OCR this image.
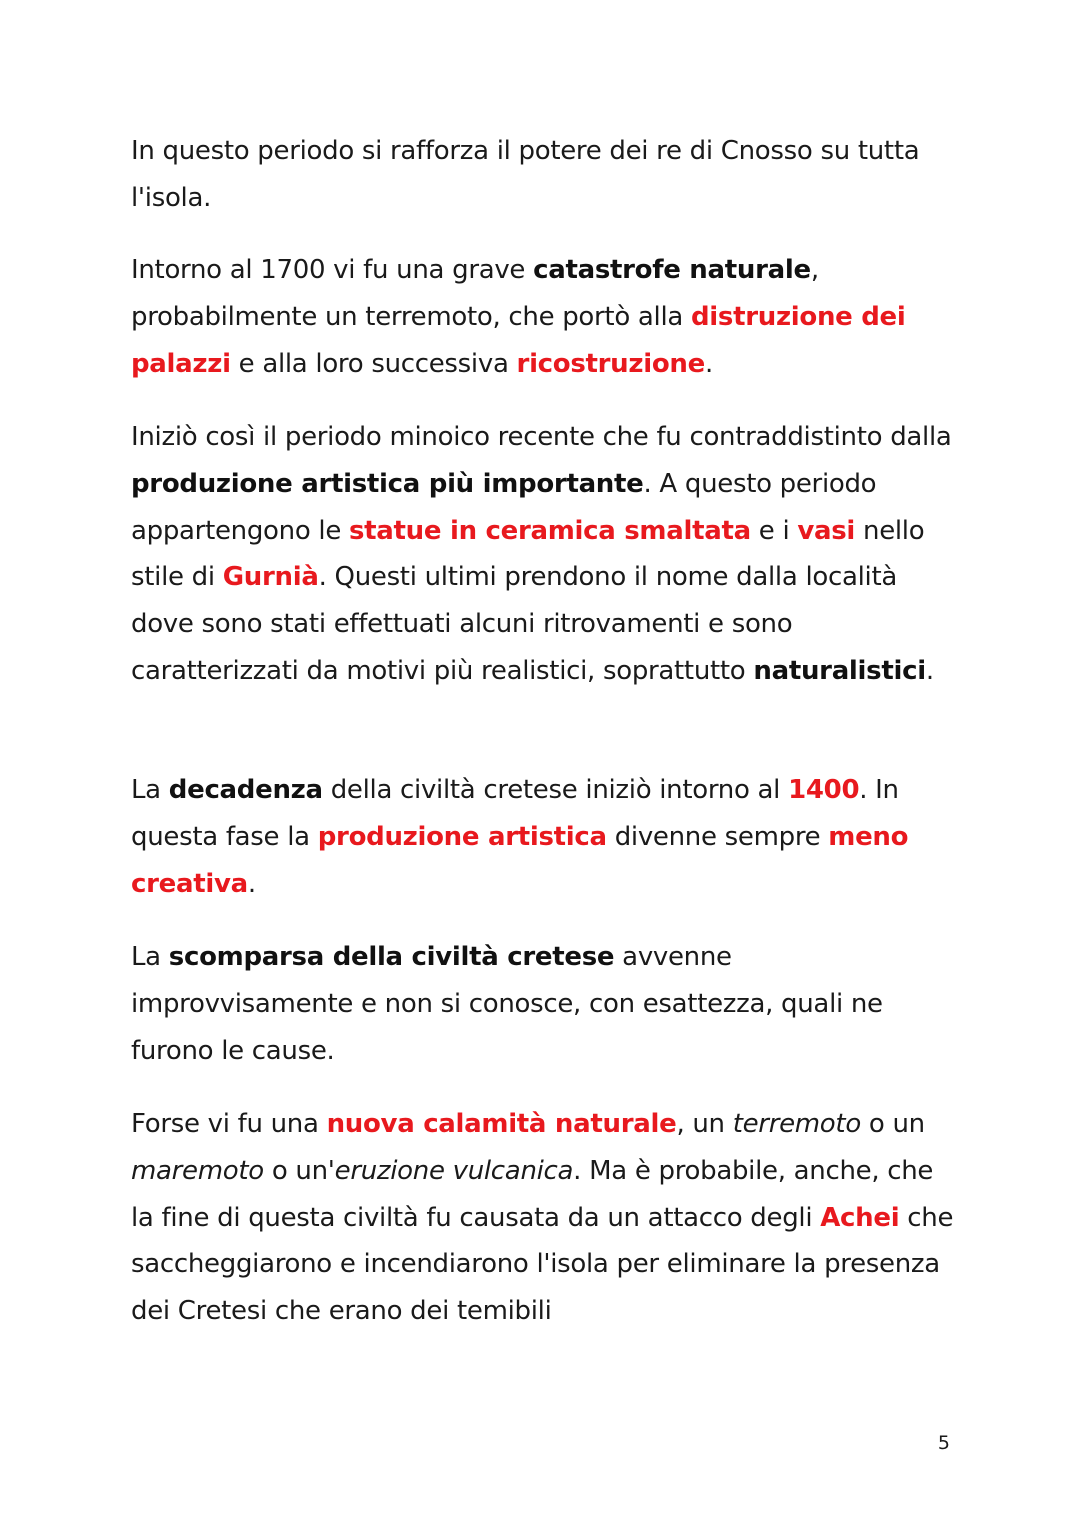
In questo periodo si rafforza il potere dei re di Cnosso su tutta l'isola.

Intorno al 1700 vi fu una grave catastrofe naturale, probabilmente un terremoto, che portò alla distruzione dei palazzi e alla loro successiva ricostruzione.

Iniziò così il periodo minoico recente che fu contraddistinto dalla produzione artistica più importante. A questo periodo appartengono le statue in ceramica smaltata e i vasi nello stile di Gurnià. Questi ultimi prendono il nome dalla località dove sono stati effettuati alcuni ritrovamenti e sono caratterizzati da motivi più realistici, soprattutto naturalistici.

La decadenza della civiltà cretese iniziò intorno al 1400. In questa fase la produzione artistica divenne sempre meno creativa.

La scomparsa della civiltà cretese avvenne improvvisamente e non si conosce, con esattezza, quali ne furono le cause.

Forse vi fu una nuova calamità naturale, un terremoto o un maremoto o un'eruzione vulcanica. Ma è probabile, anche, che la fine di questa civiltà fu causata da un attacco degli Achei che saccheggiarono e incendiarono l'isola per eliminare la presenza dei Cretesi che erano dei temibili

5
